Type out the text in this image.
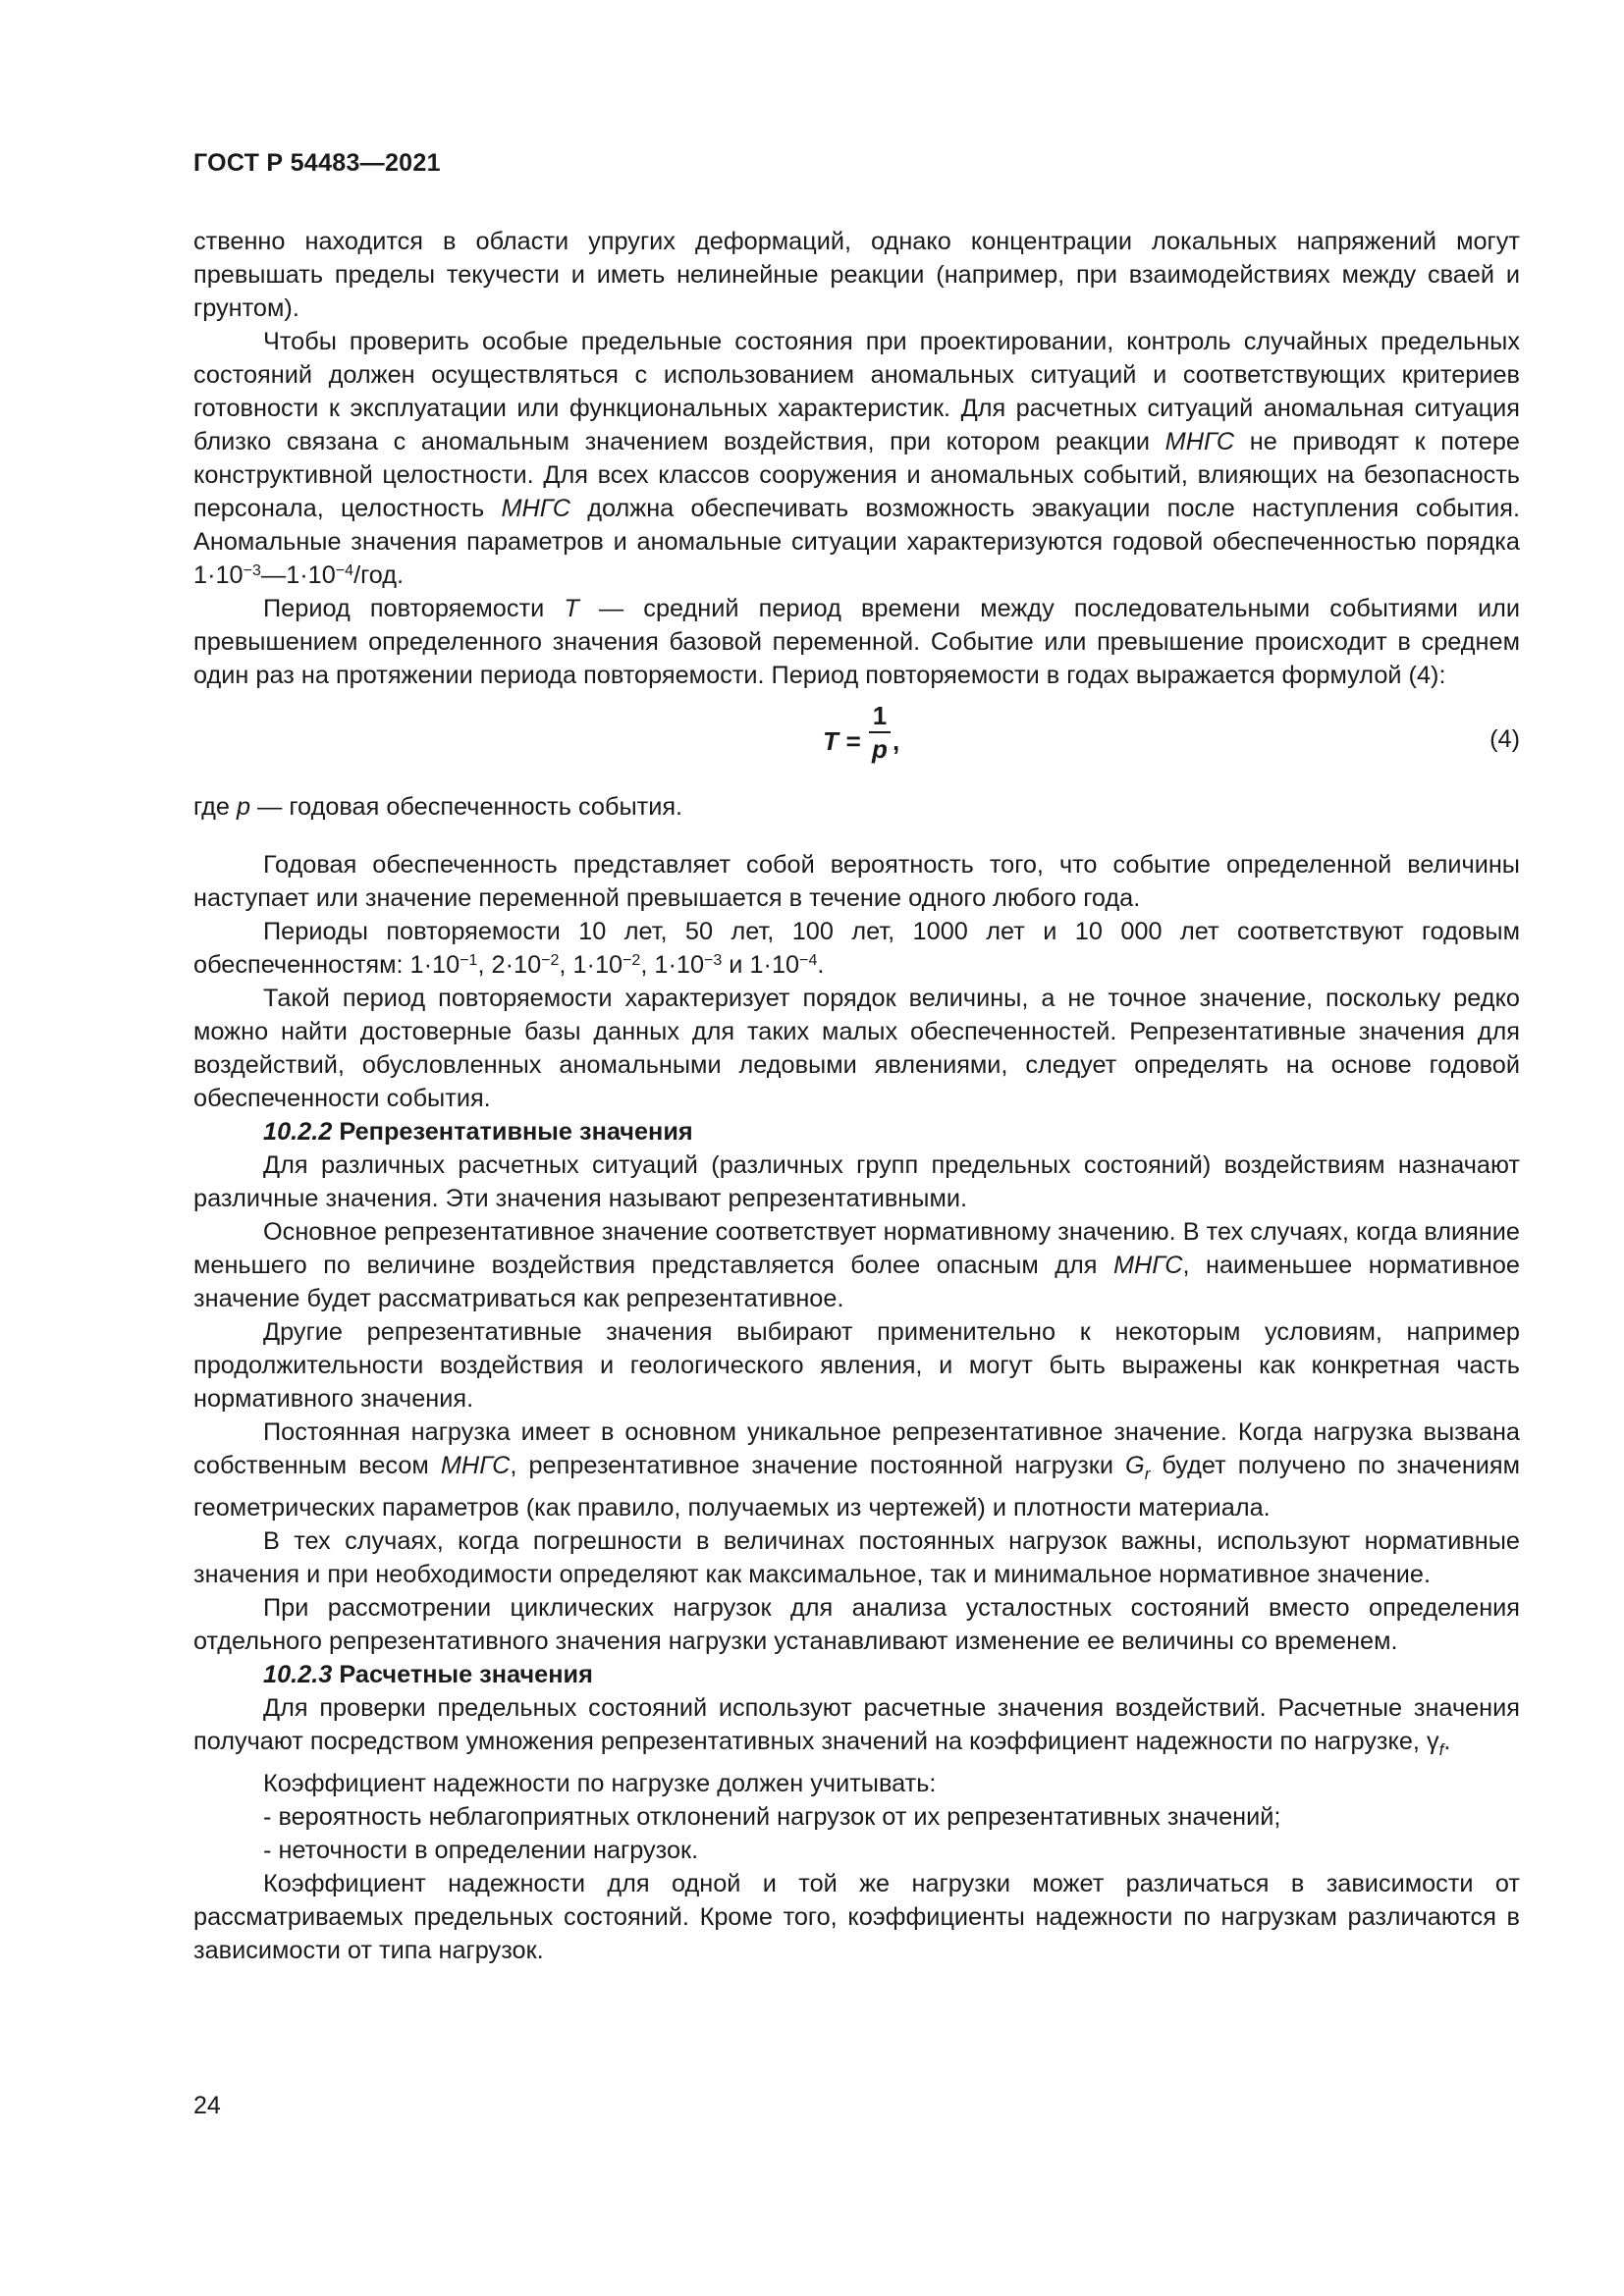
ГОСТ Р 54483—2021

ственно находится в области упругих деформаций, однако концентрации локальных напряжений могут превышать пределы текучести и иметь нелинейные реакции (например, при взаимодействиях между сваей и грунтом).

Чтобы проверить особые предельные состояния при проектировании, контроль случайных предельных состояний должен осуществляться с использованием аномальных ситуаций и соответствующих критериев готовности к эксплуатации или функциональных характеристик. Для расчетных ситуаций аномальная ситуация близко связана с аномальным значением воздействия, при котором реакции МНГС не приводят к потере конструктивной целостности. Для всех классов сооружения и аномальных событий, влияющих на безопасность персонала, целостность МНГС должна обеспечивать возможность эвакуации после наступления события. Аномальные значения параметров и аномальные ситуации характеризуются годовой обеспеченностью порядка $1\cdot 10^{-3}—1\cdot 10^{-4}$/год.

Период повторяемости T — средний период времени между последовательными событиями или превышением определенного значения базовой переменной. Событие или превышение происходит в среднем один раз на протяжении периода повторяемости. Период повторяемости в годах выражается формулой (4):

T =
1
p ,	(4)

где p — годовая обеспеченность события.

Годовая обеспеченность представляет собой вероятность того, что событие определенной величины наступает или значение переменной превышается в течение одного любого года.

Периоды повторяемости 10 лет, 50 лет, 100 лет, 1000 лет и 10 000 лет соответствуют годовым обеспеченностям: $1\cdot 10^{-1}$, $2\cdot 10^{-2}$, $1\cdot 10^{-2}$, $1\cdot 10^{-3}$ и $1\cdot 10^{-4}$.

Такой период повторяемости характеризует порядок величины, а не точное значение, поскольку редко можно найти достоверные базы данных для таких малых обеспеченностей. Репрезентативные значения для воздействий, обусловленных аномальными ледовыми явлениями, следует определять на основе годовой обеспеченности события.

10.2.2 Репрезентативные значения

Для различных расчетных ситуаций (различных групп предельных состояний) воздействиям назначают различные значения. Эти значения называют репрезентативными.

Основное репрезентативное значение соответствует нормативному значению. В тех случаях, когда влияние меньшего по величине воздействия представляется более опасным для МНГС, наименьшее нормативное значение будет рассматриваться как репрезентативное.

Другие репрезентативные значения выбирают применительно к некоторым условиям, например продолжительности воздействия и геологического явления, и могут быть выражены как конкретная часть нормативного значения.

Постоянная нагрузка имеет в основном уникальное репрезентативное значение. Когда нагрузка вызвана собственным весом МНГС, репрезентативное значение постоянной нагрузки $G_r$ будет получено по значениям геометрических параметров (как правило, получаемых из чертежей) и плотности материала.

В тех случаях, когда погрешности в величинах постоянных нагрузок важны, используют нормативные значения и при необходимости определяют как максимальное, так и минимальное нормативное значение.

При рассмотрении циклических нагрузок для анализа усталостных состояний вместо определения отдельного репрезентативного значения нагрузки устанавливают изменение ее величины со временем.

10.2.3 Расчетные значения

Для проверки предельных состояний используют расчетные значения воздействий. Расчетные значения получают посредством умножения репрезентативных значений на коэффициент надежности по нагрузке, $\gamma_f$.

Коэффициент надежности по нагрузке должен учитывать:

- вероятность неблагоприятных отклонений нагрузок от их репрезентативных значений;

- неточности в определении нагрузок.

Коэффициент надежности для одной и той же нагрузки может различаться в зависимости от рассматриваемых предельных состояний. Кроме того, коэффициенты надежности по нагрузкам различаются в зависимости от типа нагрузок.

24
